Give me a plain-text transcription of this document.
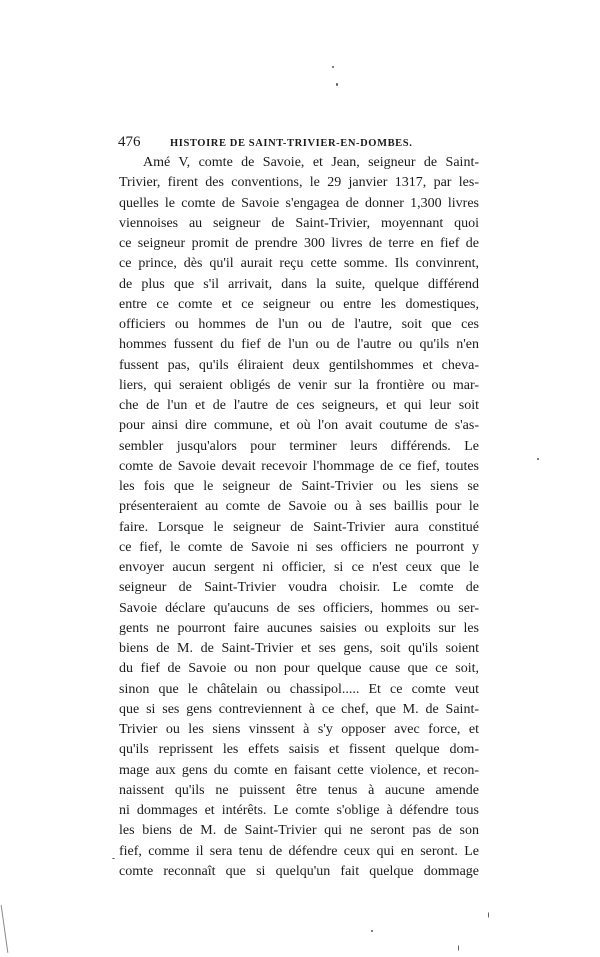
476	HISTOIRE DE SAINT-TRIVIER-EN-DOMBES.
Amé V, comte de Savoie, et Jean, seigneur de Saint-
Trivier, firent des conventions, le 29 janvier 1317, par les-
quelles le comte de Savoie s'engagea de donner 1,300 livres
viennoises au seigneur de Saint-Trivier, moyennant quoi
ce seigneur promit de prendre 300 livres de terre en fief de
ce prince, dès qu'il aurait reçu cette somme. Ils convinrent,
de plus que s'il arrivait, dans la suite, quelque différend
entre ce comte et ce seigneur ou entre les domestiques,
officiers ou hommes de l'un ou de l'autre, soit que ces
hommes fussent du fief de l'un ou de l'autre ou qu'ils n'en
fussent pas, qu'ils éliraient deux gentilshommes et cheva-
liers, qui seraient obligés de venir sur la frontière ou mar-
che de l'un et de l'autre de ces seigneurs, et qui leur soit
pour ainsi dire commune, et où l'on avait coutume de s'as-
sembler jusqu'alors pour terminer leurs différends. Le
comte de Savoie devait recevoir l'hommage de ce fief, toutes
les fois que le seigneur de Saint-Trivier ou les siens se
présenteraient au comte de Savoie ou à ses baillis pour le
faire. Lorsque le seigneur de Saint-Trivier aura constitué
ce fief, le comte de Savoie ni ses officiers ne pourront y
envoyer aucun sergent ni officier, si ce n'est ceux que le
seigneur de Saint-Trivier voudra choisir. Le comte de
Savoie déclare qu'aucuns de ses officiers, hommes ou ser-
gents ne pourront faire aucunes saisies ou exploits sur les
biens de M. de Saint-Trivier et ses gens, soit qu'ils soient
du fief de Savoie ou non pour quelque cause que ce soit,
sinon que le châtelain ou chassipol..... Et ce comte veut
que si ses gens contreviennent à ce chef, que M. de Saint-
Trivier ou les siens vinssent à s'y opposer avec force, et
qu'ils reprissent les effets saisis et fissent quelque dom-
mage aux gens du comte en faisant cette violence, et recon-
naissent qu'ils ne puissent être tenus à aucune amende
ni dommages et intérêts. Le comte s'oblige à défendre tous
les biens de M. de Saint-Trivier qui ne seront pas de son
fief, comme il sera tenu de défendre ceux qui en seront. Le
comte reconnaît que si quelqu'un fait quelque dommage
